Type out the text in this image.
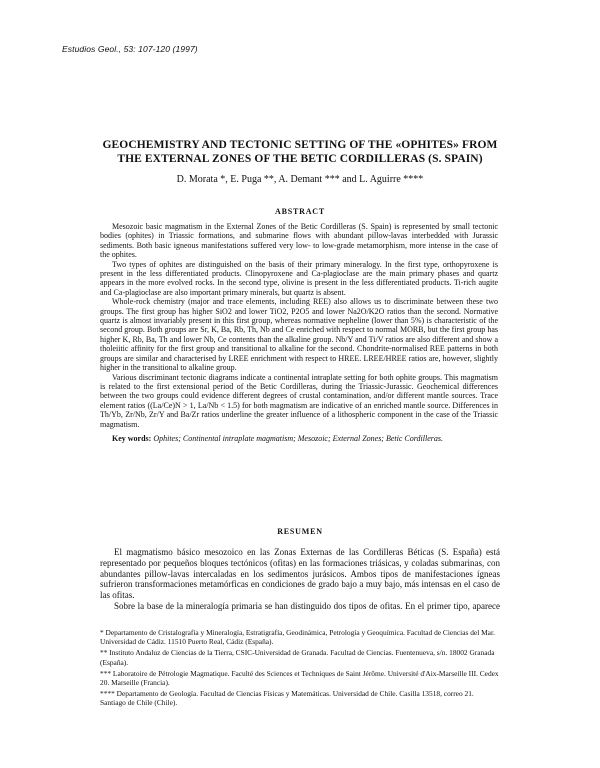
Estudios Geol., 53: 107-120 (1997)
GEOCHEMISTRY AND TECTONIC SETTING OF THE «OPHITES» FROM
THE EXTERNAL ZONES OF THE BETIC CORDILLERAS (S. SPAIN)
D. Morata *, E. Puga **, A. Demant *** and L. Aguirre ****
ABSTRACT

Mesozoic basic magmatism in the External Zones of the Betic Cordilleras (S. Spain) is represented by small tectonic bodies (ophites) in Triassic formations, and submarine flows with abundant pillow-lavas interbedded with Jurassic sediments. Both basic igneous manifestations suffered very low- to low-grade metamorphism, more intense in the case of the ophites.

Two types of ophites are distinguished on the basis of their primary mineralogy. In the first type, orthopyroxene is present in the less differentiated products. Clinopyroxene and Ca-plagioclase are the main primary phases and quartz appears in the more evolved rocks. In the second type, olivine is present in the less differentiated products. Ti-rich augite and Ca-plagioclase are also important primary minerals, but quartz is absent.

Whole-rock chemistry (major and trace elements, including REE) also allows us to discriminate between these two groups. The first group has higher SiO2 and lower TiO2, P2O5 and lower Na2O/K2O ratios than the second. Normative quartz is almost invariably present in this first group, whereas normative nepheline (lower than 5%) is characteristic of the second group. Both groups are Sr, K, Ba, Rb, Th, Nb and Ce enriched with respect to normal MORB, but the first group has higher K, Rb, Ba, Th and lower Nb, Ce contents than the alkaline group. Nb/Y and Ti/V ratios are also different and show a tholeiitic affinity for the first group and transitional to alkaline for the second. Chondrite-normalised REE patterns in both groups are similar and characterised by LREE enrichment with respect to HREE. LREE/HREE ratios are, however, slightly higher in the transitional to alkaline group.

Various discriminant tectonic diagrams indicate a continental intraplate setting for both ophite groups. This magmatism is related to the first extensional period of the Betic Cordilleras, during the Triassic-Jurassic. Geochemical differences between the two groups could evidence different degrees of crustal contamination, and/or different mantle sources. Trace element ratios ((La/Ce)N > 1, La/Nb < 1.5) for both magmatism are indicative of an enriched mantle source. Differences in Th/Yb, Zr/Nb, Zr/Y and Ba/Zr ratios underline the greater influence of a lithospheric component in the case of the Triassic magmatism.

Key words: Ophites; Continental intraplate magmatism; Mesozoic; External Zones; Betic Cordilleras.

RESUMEN

El magmatismo básico mesozoico en las Zonas Externas de las Cordilleras Béticas (S. España) está representado por pequeños bloques tectónicos (ofitas) en las formaciones triásicas, y coladas submarinas, con abundantes pillow-lavas intercaladas en los sedimentos jurásicos. Ambos tipos de manifestaciones ígneas sufrieron transformaciones metamórficas en condiciones de grado bajo a muy bajo, más intensas en el caso de las ofitas.

Sobre la base de la mineralogía primaria se han distinguido dos tipos de ofitas. En el primer tipo, aparece

* Departamento de Cristalografía y Mineralogía, Estratigrafía, Geodinámica, Petrología y Geoquímica. Facultad de Ciencias del Mar. Universidad de Cádiz. 11510 Puerto Real, Cádiz (España).

** Instituto Andaluz de Ciencias de la Tierra, CSIC-Universidad de Granada. Facultad de Ciencias. Fuentenueva, s/n. 18002 Granada (España).

*** Laboratoire de Pétrologie Magmatique. Faculté des Sciences et Techniques de Saint Jérôme. Université d'Aix-Marseille III. Cedex 20. Marseille (Francia).

**** Departamento de Geología. Facultad de Ciencias Físicas y Matemáticas. Universidad de Chile. Casilla 13518, correo 21. Santiago de Chile (Chile).
